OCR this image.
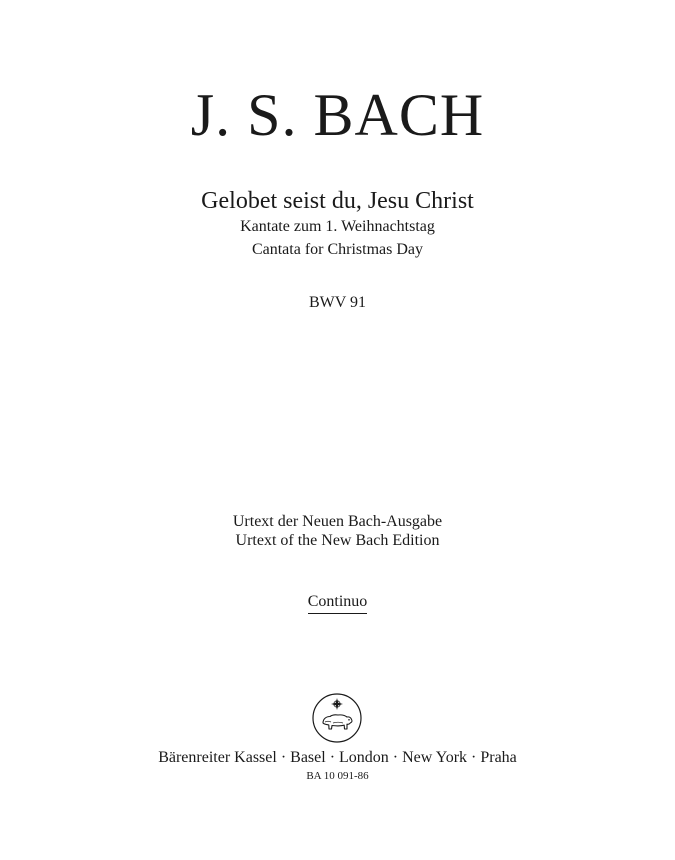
J. S. BACH
Gelobet seist du, Jesu Christ
Kantate zum 1. Weihnachtstag
Cantata for Christmas Day
BWV 91
Urtext der Neuen Bach-Ausgabe
Urtext of the New Bach Edition
Continuo
Bärenreiter Kassel · Basel · London · New York · Praha
BA 10 091-86
